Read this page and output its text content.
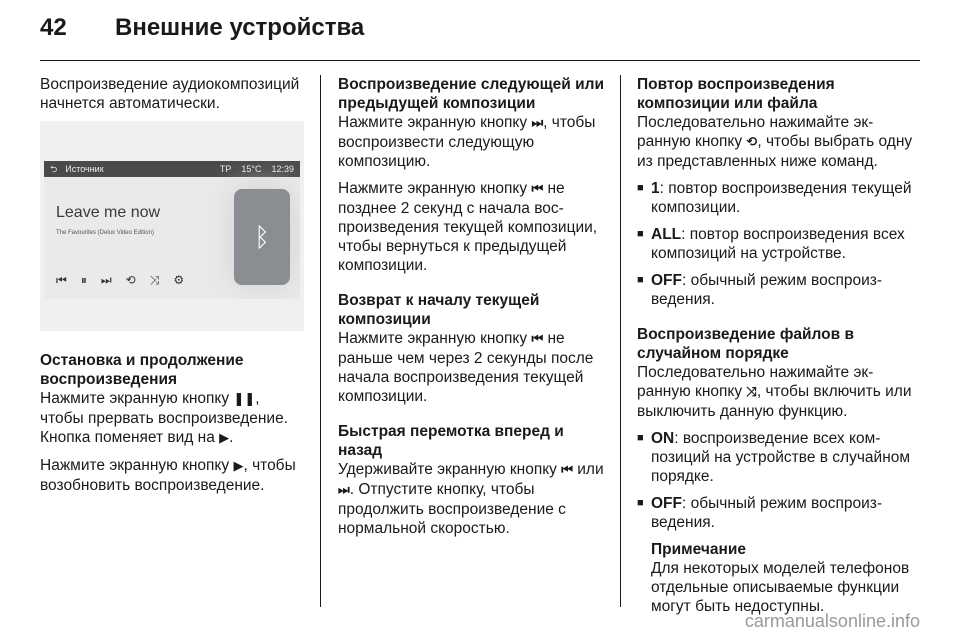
42	Внешние устройства

Воспроизведение аудиокомпозиций начнется автоматически.

⮌ Источник	TP 15°C 12:39
Leave me now
The Favourites (Delux Video Edition)
⏮ ⏸ ⏭ ⟲ ⤨ ⚙
ᛒ
Остановка и продолжение воспроизведения

Нажмите экранную кнопку ❚❚, чтобы прервать воспроизведение. Кнопка поменяет вид на ▶.

Нажмите экранную кнопку ▶, чтобы возобновить воспроизведение.

Воспроизведение следующей или предыдущей композиции

Нажмите экранную кнопку ⏭, чтобы воспроизвести следующую композицию.

Нажмите экранную кнопку ⏮ не позднее 2 секунд с начала воспроизведения текущей композиции, чтобы вернуться к предыдущей композиции.

Возврат к началу текущей композиции

Нажмите экранную кнопку ⏮ не раньше чем через 2 секунды после начала воспроизведения текущей композиции.

Быстрая перемотка вперед и назад

Удерживайте экранную кнопку ⏮ или ⏭. Отпустите кнопку, чтобы продолжить воспроизведение с нормальной скоростью.

Повтор воспроизведения композиции или файла

Последовательно нажимайте экранную кнопку ⟲, чтобы выбрать одну из представленных ниже команд.

■ 1: повтор воспроизведения текущей композиции.
■ ALL: повтор воспроизведения всех композиций на устройстве.
■ OFF: обычный режим воспроизведения.
Воспроизведение файлов в случайном порядке

Последовательно нажимайте экранную кнопку ⤨, чтобы включить или выключить данную функцию.

■ ON: воспроизведение всех композиций на устройстве в случайном порядке.
■ OFF: обычный режим воспроизведения.
Примечание

Для некоторых моделей телефонов отдельные описываемые функции могут быть недоступны.

carmanualsonline.info
